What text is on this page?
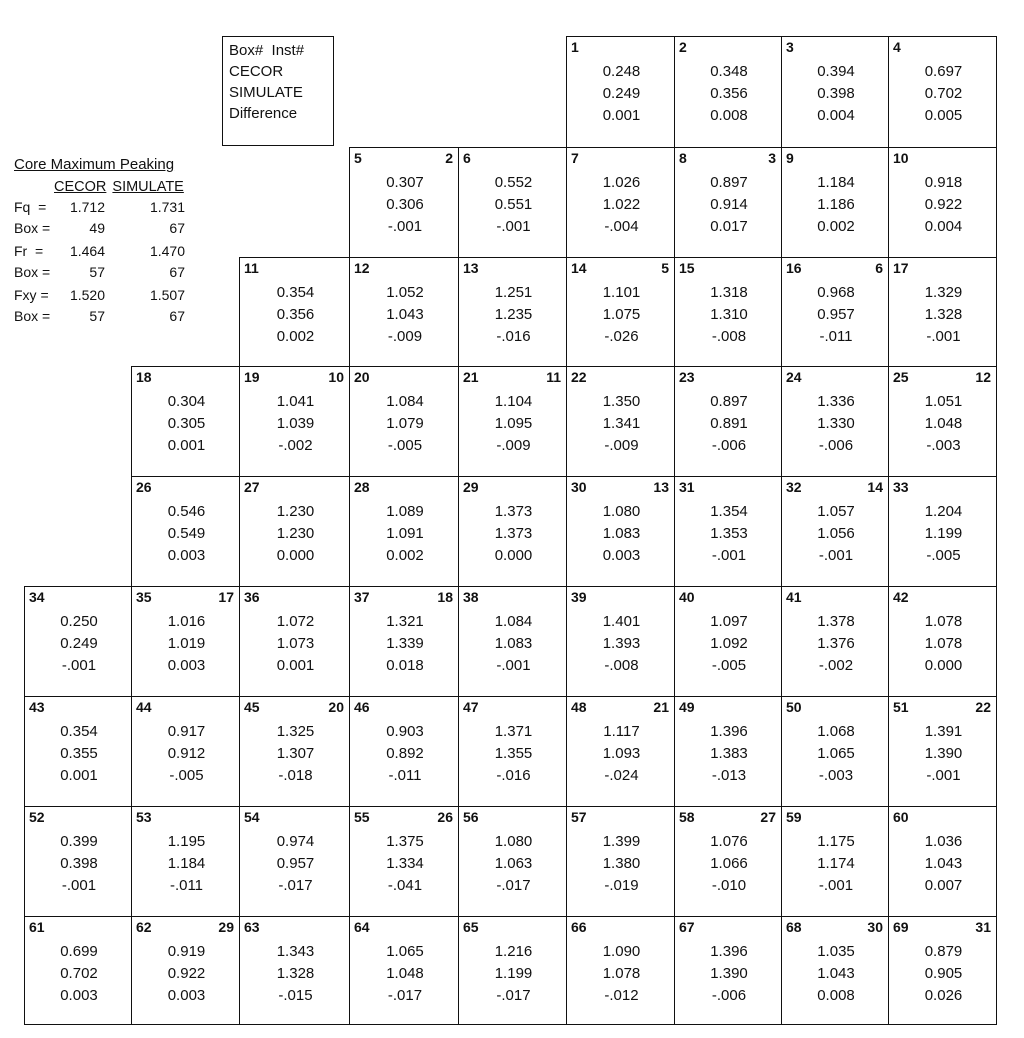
1
0.248
0.249
0.001
2
0.348
0.356
0.008
3
0.394
0.398
0.004
4
0.697
0.702
0.005
5	2
0.307
0.306
-.001
6
0.552
0.551
-.001
7
1.026
1.022
-.004
8	3
0.897
0.914
0.017
9
1.184
1.186
0.002
10
0.918
0.922
0.004
11
0.354
0.356
0.002
12
1.052
1.043
-.009
13
1.251
1.235
-.016
14	5
1.101
1.075
-.026
15
1.318
1.310
-.008
16	6
0.968
0.957
-.011
17
1.329
1.328
-.001
18
0.304
0.305
0.001
19	10
1.041
1.039
-.002
20
1.084
1.079
-.005
21	11
1.104
1.095
-.009
22
1.350
1.341
-.009
23
0.897
0.891
-.006
24
1.336
1.330
-.006
25	12
1.051
1.048
-.003
26
0.546
0.549
0.003
27
1.230
1.230
0.000
28
1.089
1.091
0.002
29
1.373
1.373
0.000
30	13
1.080
1.083
0.003
31
1.354
1.353
-.001
32	14
1.057
1.056
-.001
33
1.204
1.199
-.005
34
0.250
0.249
-.001
35	17
1.016
1.019
0.003
36
1.072
1.073
0.001
37	18
1.321
1.339
0.018
38
1.084
1.083
-.001
39
1.401
1.393
-.008
40
1.097
1.092
-.005
41
1.378
1.376
-.002
42
1.078
1.078
0.000
43
0.354
0.355
0.001
44
0.917
0.912
-.005
45	20
1.325
1.307
-.018
46
0.903
0.892
-.011
47
1.371
1.355
-.016
48	21
1.117
1.093
-.024
49
1.396
1.383
-.013
50
1.068
1.065
-.003
51	22
1.391
1.390
-.001
52
0.399
0.398
-.001
53
1.195
1.184
-.011
54
0.974
0.957
-.017
55	26
1.375
1.334
-.041
56
1.080
1.063
-.017
57
1.399
1.380
-.019
58	27
1.076
1.066
-.010
59
1.175
1.174
-.001
60
1.036
1.043
0.007
61
0.699
0.702
0.003
62	29
0.919
0.922
0.003
63
1.343
1.328
-.015
64
1.065
1.048
-.017
65
1.216
1.199
-.017
66
1.090
1.078
-.012
67
1.396
1.390
-.006
68	30
1.035
1.043
0.008
69	31
0.879
0.905
0.026
Box#  Inst#
CECOR
SIMULATE
Difference
Core Maximum Peaking
CECOR SIMULATE
Fq  =	1.712	1.731
Box =	49	67
Fr  =	1.464	1.470
Box =	57	67
Fxy =	1.520	1.507
Box =	57	67
